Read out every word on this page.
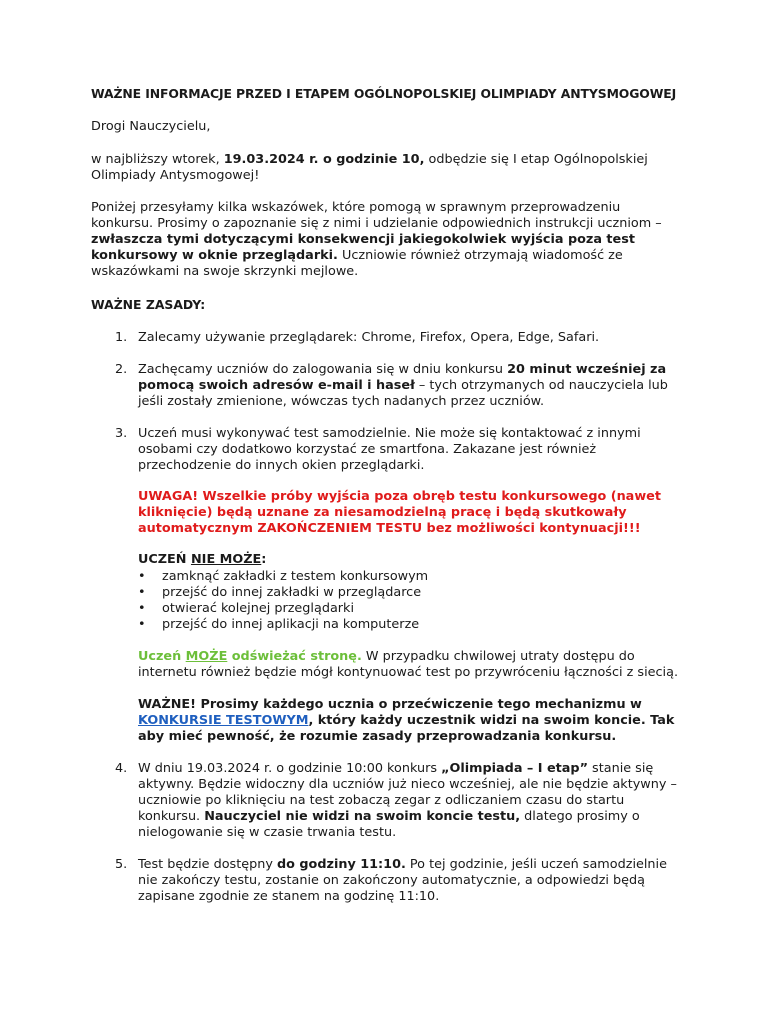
WAŻNE INFORMACJE PRZED I ETAPEM OGÓLNOPOLSKIEJ OLIMPIADY ANTYSMOGOWEJ

Drogi Nauczycielu,

w najbliższy wtorek, 19.03.2024 r. o godzinie 10, odbędzie się I etap Ogólnopolskiej Olimpiady Antysmogowej!

Poniżej przesyłamy kilka wskazówek, które pomogą w sprawnym przeprowadzeniu konkursu. Prosimy o zapoznanie się z nimi i udzielanie odpowiednich instrukcji uczniom – zwłaszcza tymi dotyczącymi konsekwencji jakiegokolwiek wyjścia poza test konkursowy w oknie przeglądarki. Uczniowie również otrzymają wiadomość ze wskazówkami na swoje skrzynki mejlowe.

WAŻNE ZASADY:

1. Zalecamy używanie przeglądarek: Chrome, Firefox, Opera, Edge, Safari.

2. Zachęcamy uczniów do zalogowania się w dniu konkursu 20 minut wcześniej za pomocą swoich adresów e-mail i haseł – tych otrzymanych od nauczyciela lub jeśli zostały zmienione, wówczas tych nadanych przez uczniów.

3. Uczeń musi wykonywać test samodzielnie. Nie może się kontaktować z innymi osobami czy dodatkowo korzystać ze smartfona. Zakazane jest również przechodzenie do innych okien przeglądarki.

UWAGA! Wszelkie próby wyjścia poza obręb testu konkursowego (nawet kliknięcie) będą uznane za niesamodzielną pracę i będą skutkowały automatycznym ZAKOŃCZENIEM TESTU bez możliwości kontynuacji!!!

UCZEŃ NIE MOŻE:

• zamknąć zakładki z testem konkursowym
• przejść do innej zakładki w przeglądarce
• otwierać kolejnej przeglądarki
• przejść do innej aplikacji na komputerze

Uczeń MOŻE odświeżać stronę. W przypadku chwilowej utraty dostępu do internetu również będzie mógł kontynuować test po przywróceniu łączności z siecią.

WAŻNE! Prosimy każdego ucznia o przećwiczenie tego mechanizmu w KONKURSIE TESTOWYM, który każdy uczestnik widzi na swoim koncie. Tak aby mieć pewność, że rozumie zasady przeprowadzania konkursu.

4. W dniu 19.03.2024 r. o godzinie 10:00 konkurs „Olimpiada – I etap” stanie się aktywny. Będzie widoczny dla uczniów już nieco wcześniej, ale nie będzie aktywny – uczniowie po kliknięciu na test zobaczą zegar z odliczaniem czasu do startu konkursu. Nauczyciel nie widzi na swoim koncie testu, dlatego prosimy o nielogowanie się w czasie trwania testu.

5. Test będzie dostępny do godziny 11:10. Po tej godzinie, jeśli uczeń samodzielnie nie zakończy testu, zostanie on zakończony automatycznie, a odpowiedzi będą zapisane zgodnie ze stanem na godzinę 11:10.
